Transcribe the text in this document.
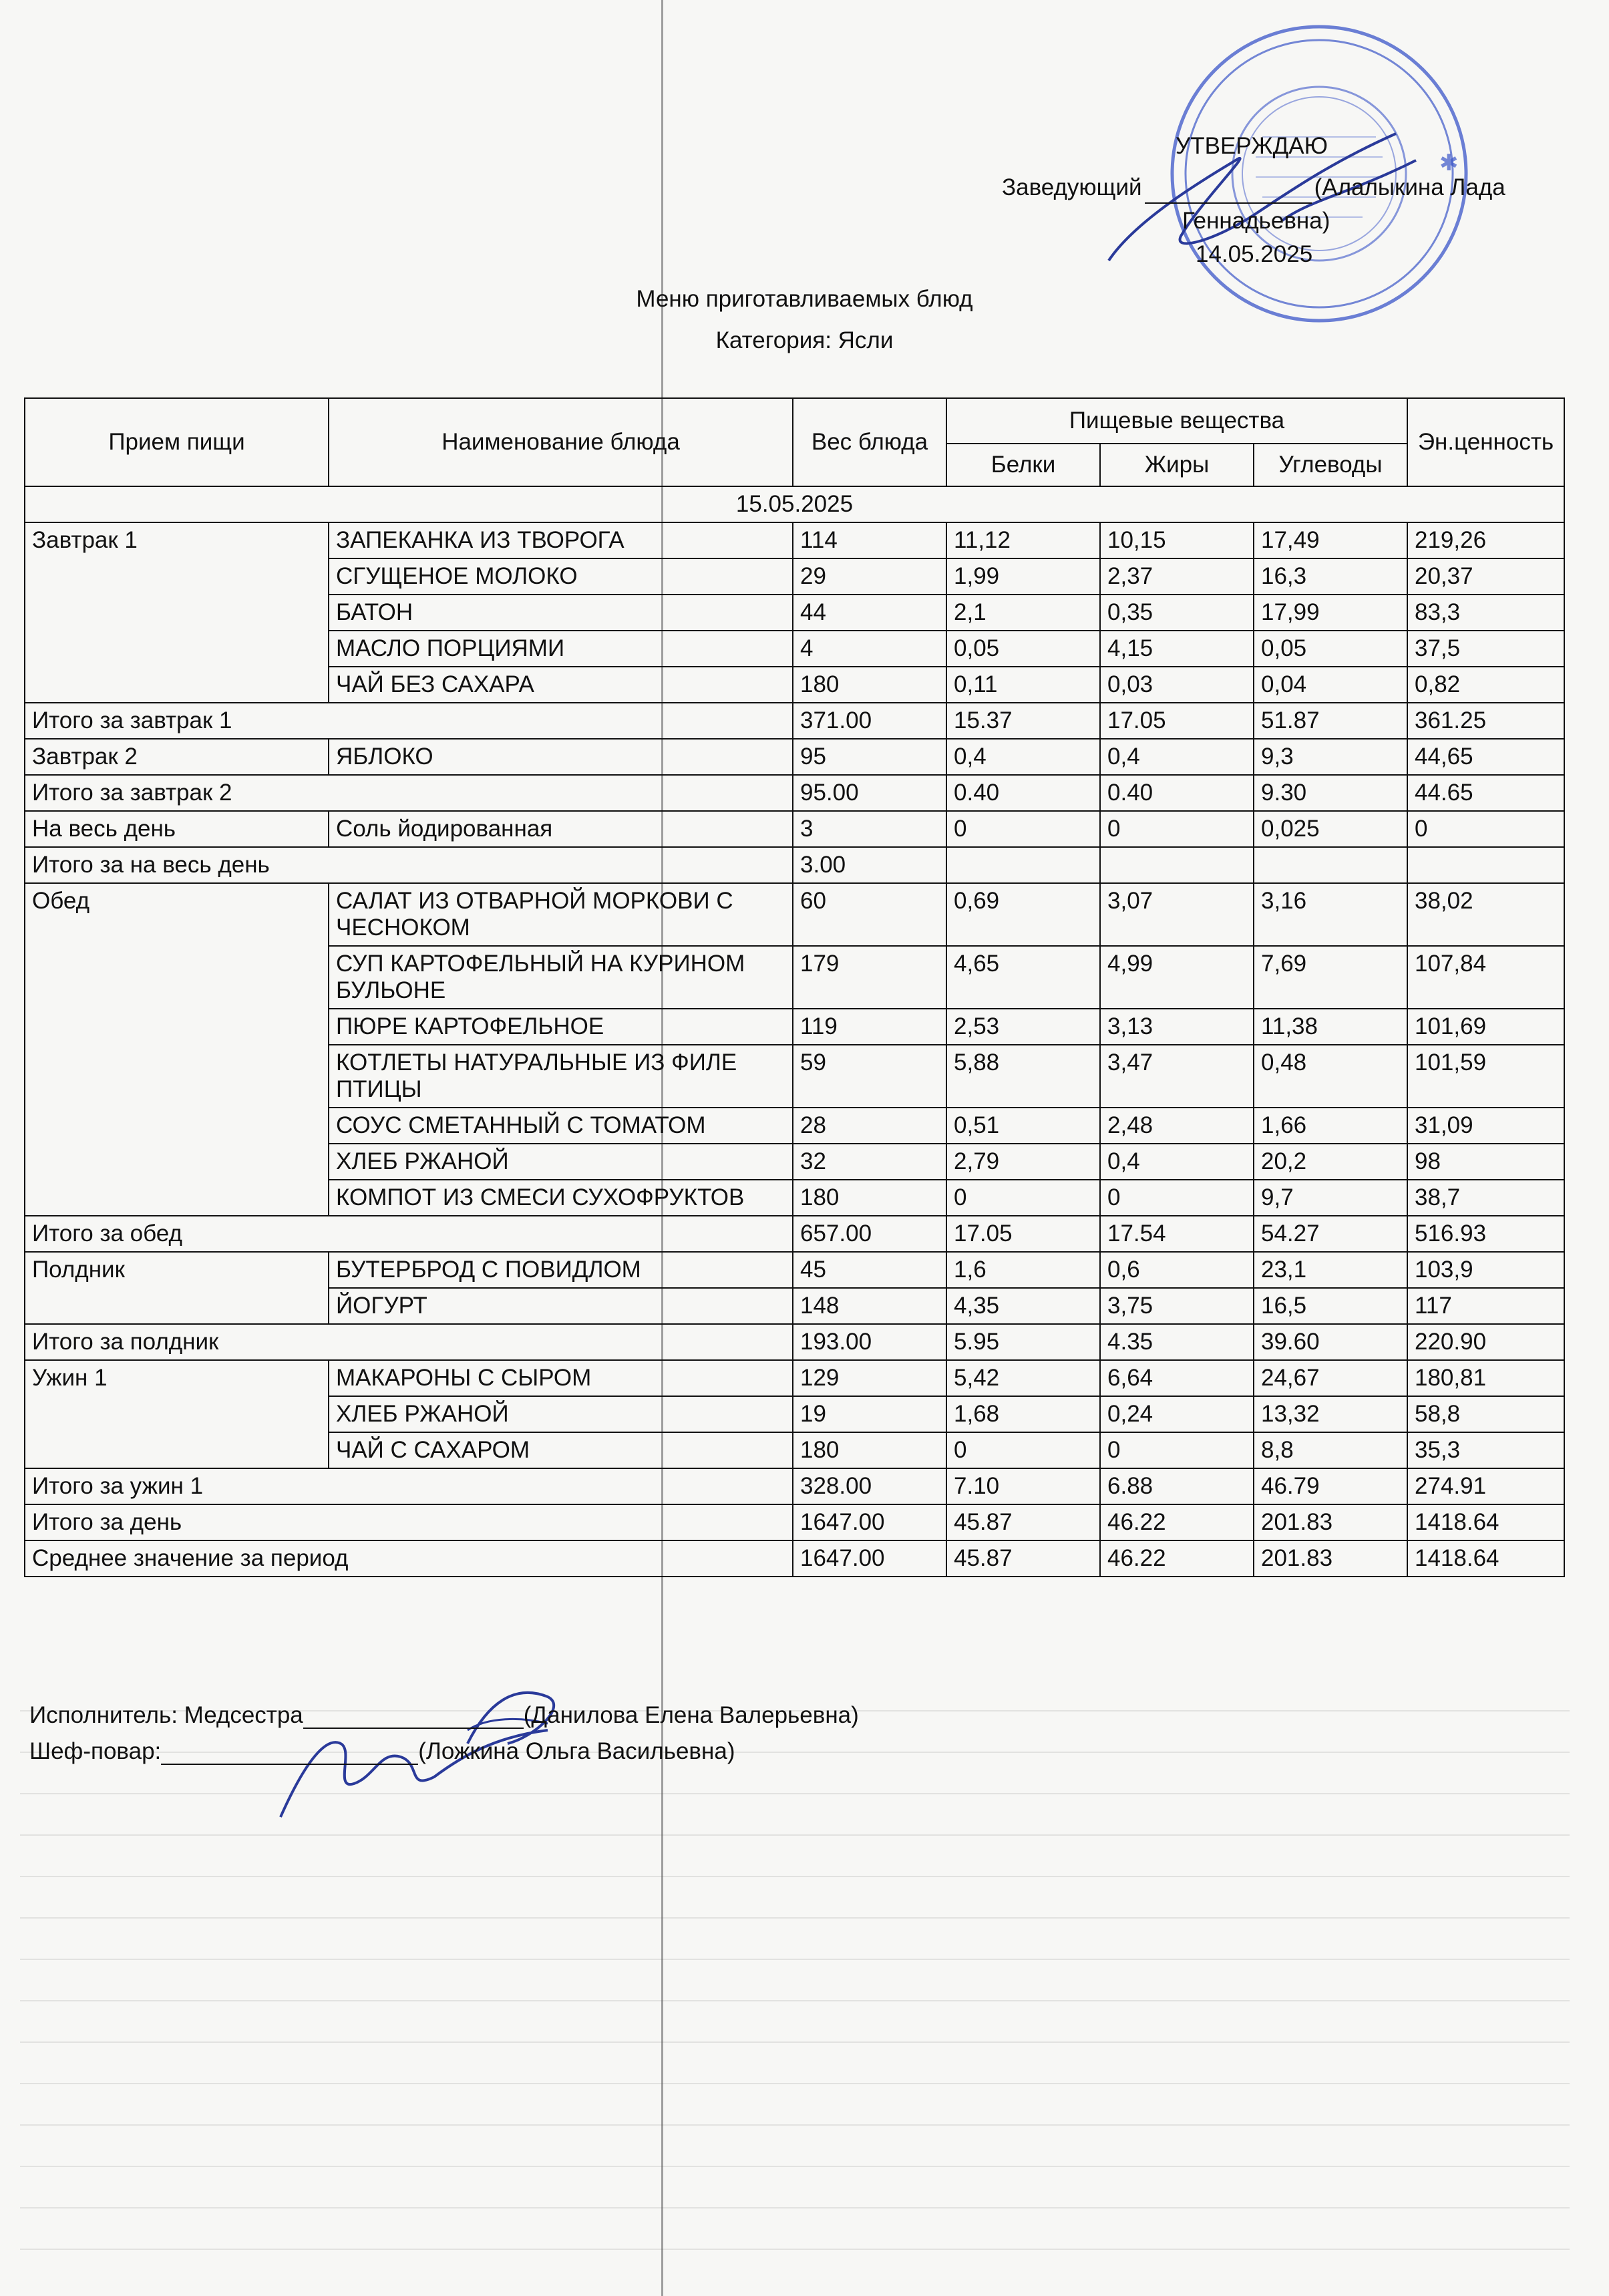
✱
УТВЕРЖДАЮ
Заведующий	(Алалыкина Лада
Геннадьевна)
14.05.2025
Меню приготавливаемых блюд
Категория: Ясли
Прием пищи	Наименование блюда	Вес блюда	Пищевые вещества			Эн.ценность
			Белки	Жиры	Углеводы	
15.05.2025						
Завтрак 1	ЗАПЕКАНКА ИЗ ТВОРОГА	114	11,12	10,15	17,49	219,26
	СГУЩЕНОЕ МОЛОКО	29	1,99	2,37	16,3	20,37
	БАТОН	44	2,1	0,35	17,99	83,3
	МАСЛО ПОРЦИЯМИ	4	0,05	4,15	0,05	37,5
	ЧАЙ БЕЗ САХАРА	180	0,11	0,03	0,04	0,82
Итого за завтрак 1		371.00	15.37	17.05	51.87	361.25
Завтрак 2	ЯБЛОКО	95	0,4	0,4	9,3	44,65
Итого за завтрак 2		95.00	0.40	0.40	9.30	44.65
На весь день	Соль йодированная	3	0	0	0,025	0
Итого за на весь день		3.00				
Обед	САЛАТ ИЗ ОТВАРНОЙ МОРКОВИ С ЧЕСНОКОМ	60	0,69	3,07	3,16	38,02
	СУП КАРТОФЕЛЬНЫЙ НА КУРИНОМ БУЛЬОНЕ	179	4,65	4,99	7,69	107,84
	ПЮРЕ КАРТОФЕЛЬНОЕ	119	2,53	3,13	11,38	101,69
	КОТЛЕТЫ НАТУРАЛЬНЫЕ ИЗ ФИЛЕ ПТИЦЫ	59	5,88	3,47	0,48	101,59
	СОУС СМЕТАННЫЙ С ТОМАТОМ	28	0,51	2,48	1,66	31,09
	ХЛЕБ РЖАНОЙ	32	2,79	0,4	20,2	98
	КОМПОТ ИЗ СМЕСИ СУХОФРУКТОВ	180	0	0	9,7	38,7
Итого за обед		657.00	17.05	17.54	54.27	516.93
Полдник	БУТЕРБРОД С ПОВИДЛОМ	45	1,6	0,6	23,1	103,9
	ЙОГУРТ	148	4,35	3,75	16,5	117
Итого за полдник		193.00	5.95	4.35	39.60	220.90
Ужин 1	МАКАРОНЫ С СЫРОМ	129	5,42	6,64	24,67	180,81
	ХЛЕБ РЖАНОЙ	19	1,68	0,24	13,32	58,8
	ЧАЙ С САХАРОМ	180	0	0	8,8	35,3
Итого за ужин 1		328.00	7.10	6.88	46.79	274.91
Итого за день		1647.00	45.87	46.22	201.83	1418.64
Среднее значение за период		1647.00	45.87	46.22	201.83	1418.64
Исполнитель: Медсестра	(Данилова Елена Валерьевна)
Шеф-повар:	(Ложкина Ольга Васильевна)
